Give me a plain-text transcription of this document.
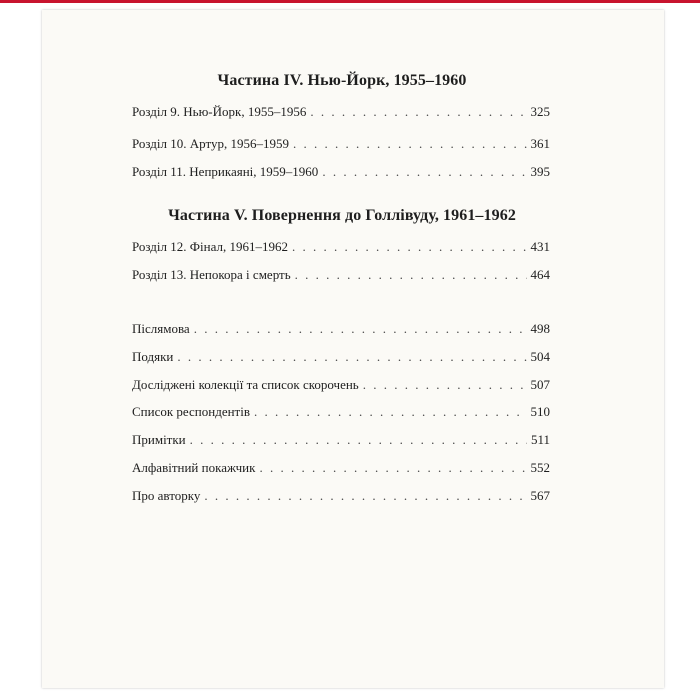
Частина IV. Нью-Йорк, 1955–1960
Розділ 9. Нью-Йорк, 1955–1956 . . .	325
Розділ 10. Артур, 1956–1959 . . .	361
Розділ 11. Неприкаяні, 1959–1960 . . .	395
Частина V. Повернення до Голлівуду, 1961–1962
Розділ 12. Фінал, 1961–1962 . . .	431
Розділ 13. Непокора і смерть . . .	464
Післямова . . .	498
Подяки . . .	504
Досліджені колекції та список скорочень . . .	507
Список респондентів . . .	510
Примітки . . .	511
Алфавітний покажчик . . .	552
Про авторку . . .	567
